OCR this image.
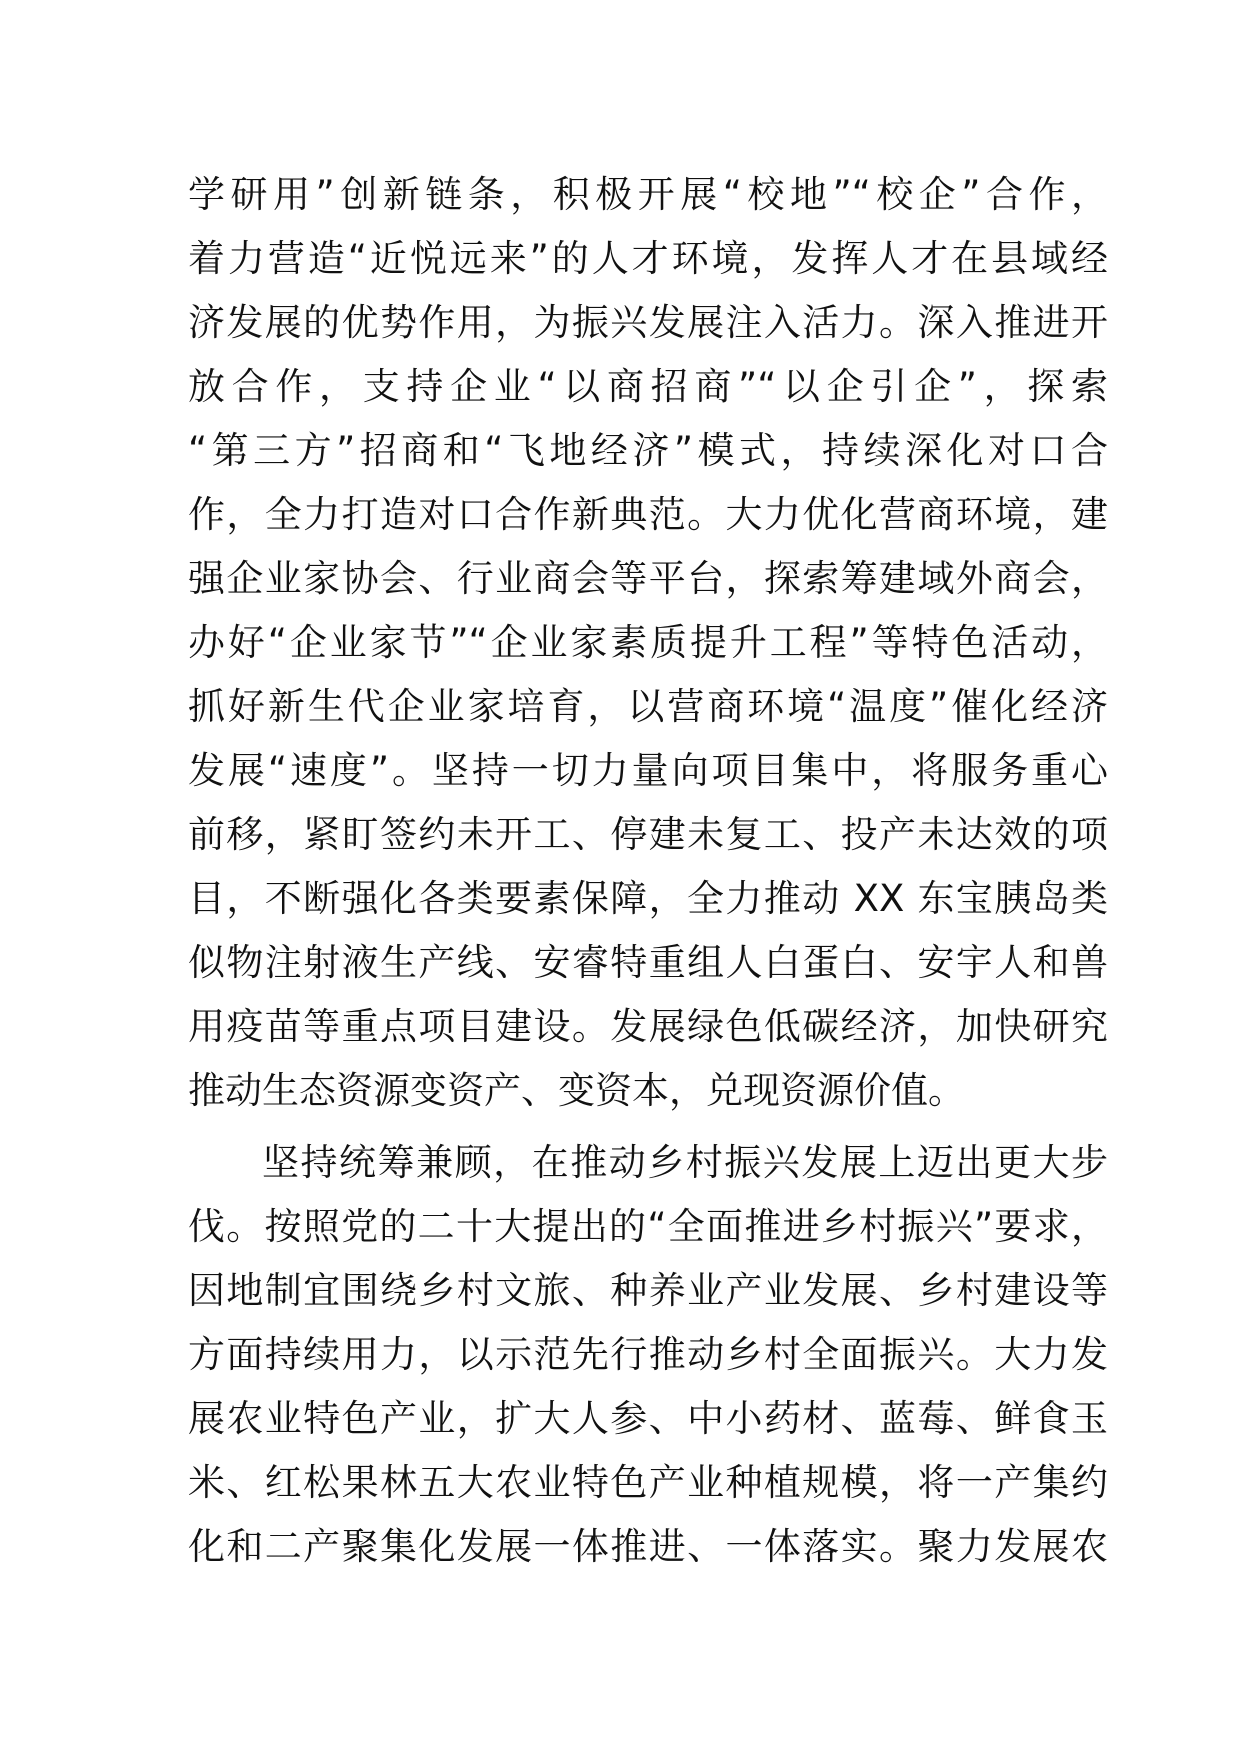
学研用”创新链条，积极开展“校地”“校企”合作，
着力营造“近悦远来”的人才环境，发挥人才在县域经
济发展的优势作用，为振兴发展注入活力。深入推进开
放合作，支持企业“以商招商”“以企引企”，探索
“第三方”招商和“飞地经济”模式，持续深化对口合
作，全力打造对口合作新典范。大力优化营商环境，建
强企业家协会、行业商会等平台，探索筹建域外商会，
办好“企业家节”“企业家素质提升工程”等特色活动，
抓好新生代企业家培育，以营商环境“温度”催化经济
发展“速度”。坚持一切力量向项目集中，将服务重心
前移，紧盯签约未开工、停建未复工、投产未达效的项
目，不断强化各类要素保障，全力推动 XX 东宝胰岛类
似物注射液生产线、安睿特重组人白蛋白、安宇人和兽
用疫苗等重点项目建设。发展绿色低碳经济，加快研究
推动生态资源变资产、变资本，兑现资源价值。
坚持统筹兼顾，在推动乡村振兴发展上迈出更大步
伐。按照党的二十大提出的“全面推进乡村振兴”要求，
因地制宜围绕乡村文旅、种养业产业发展、乡村建设等
方面持续用力，以示范先行推动乡村全面振兴。大力发
展农业特色产业，扩大人参、中小药材、蓝莓、鲜食玉
米、红松果林五大农业特色产业种植规模，将一产集约
化和二产聚集化发展一体推进、一体落实。聚力发展农
